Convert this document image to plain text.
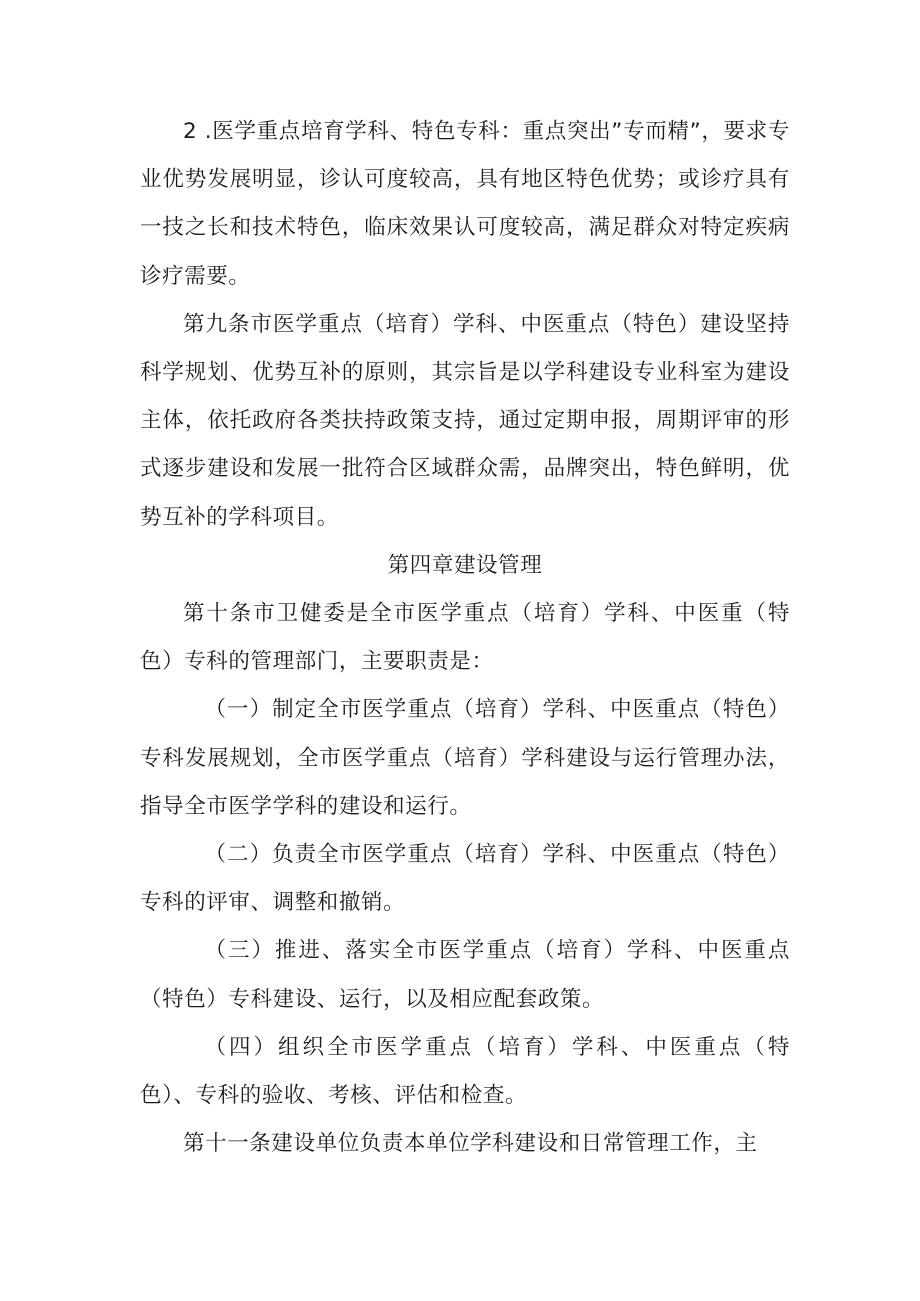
2 .医学重点培育学科、特色专科：重点突出”专而精”，要求专业优势发展明显，诊认可度较高，具有地区特色优势；或诊疗具有一技之长和技术特色，临床效果认可度较高，满足群众对特定疾病诊疗需要。

第九条市医学重点（培育）学科、中医重点（特色）建设坚持科学规划、优势互补的原则，其宗旨是以学科建设专业科室为建设主体，依托政府各类扶持政策支持，通过定期申报，周期评审的形式逐步建设和发展一批符合区域群众需，品牌突出，特色鲜明，优势互补的学科项目。

第四章建设管理

第十条市卫健委是全市医学重点（培育）学科、中医重（特色）专科的管理部门，主要职责是：

（一）制定全市医学重点（培育）学科、中医重点（特色）专科发展规划，全市医学重点（培育）学科建设与运行管理办法，指导全市医学学科的建设和运行。

（二）负责全市医学重点（培育）学科、中医重点（特色）专科的评审、调整和撤销。

（三）推进、落实全市医学重点（培育）学科、中医重点（特色）专科建设、运行，以及相应配套政策。

（四）组织全市医学重点（培育）学科、中医重点（特色）、专科的验收、考核、评估和检查。

第十一条建设单位负责本单位学科建设和日常管理工作，主
